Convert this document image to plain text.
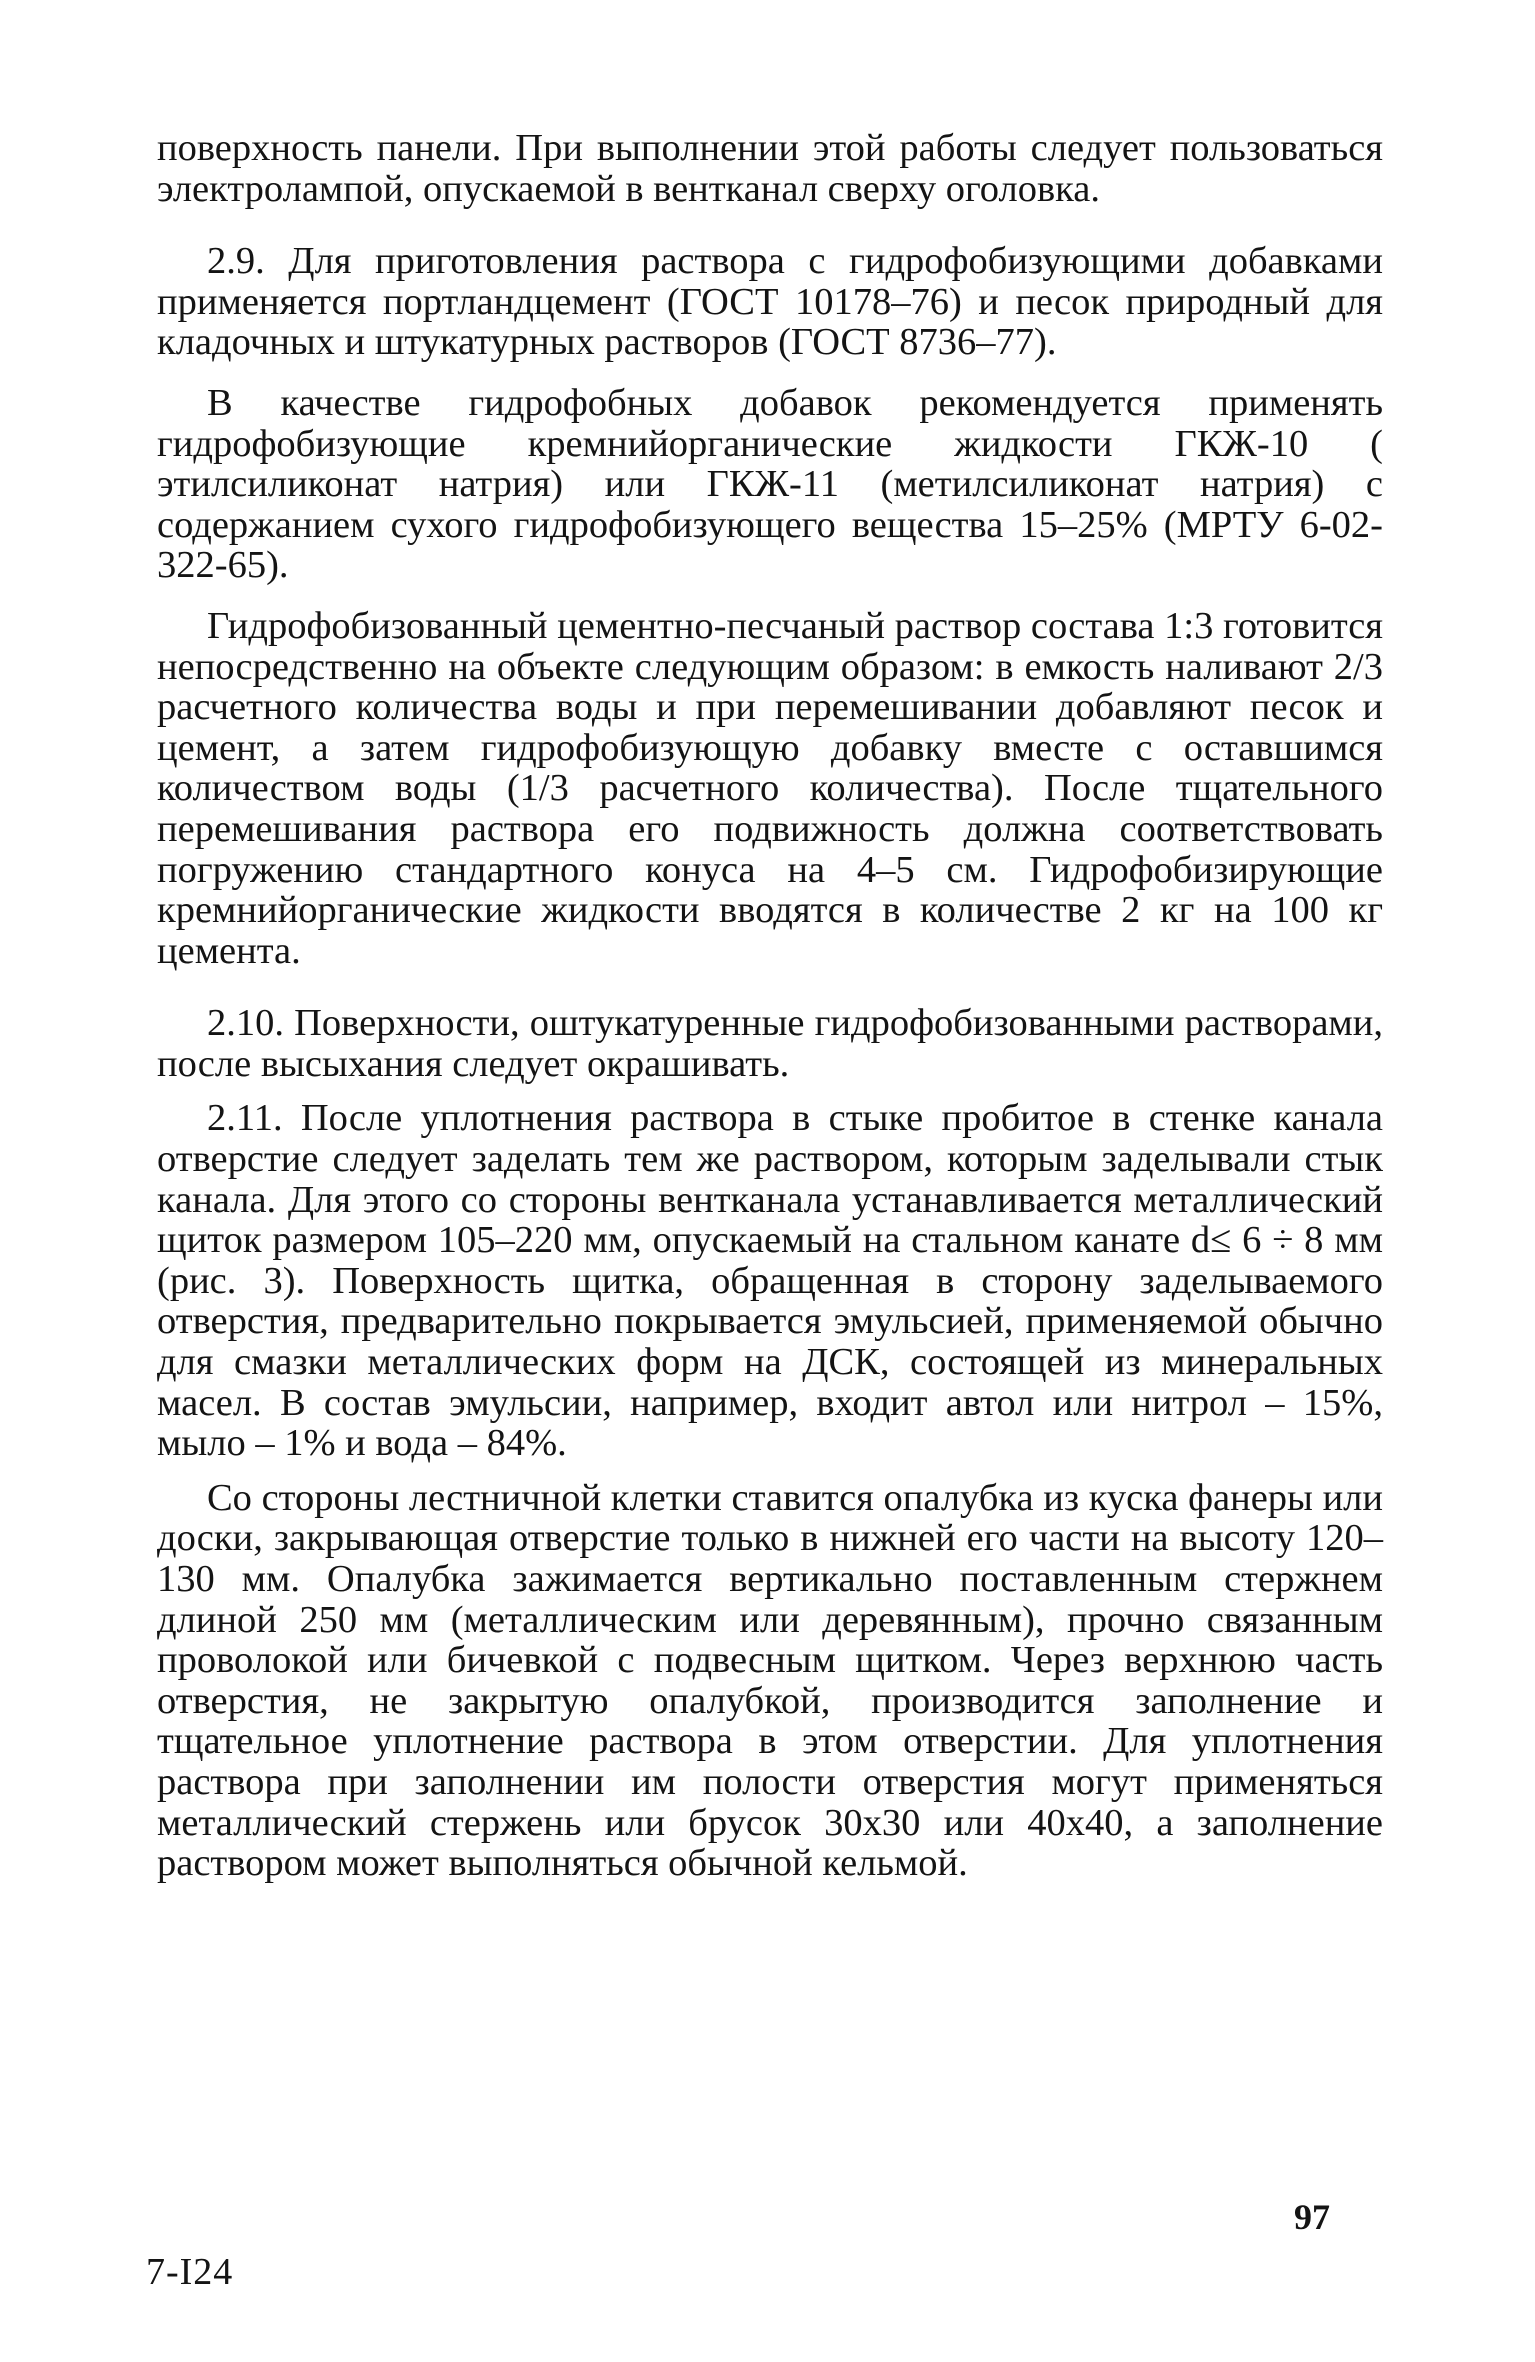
поверхность панели. При выполнении этой работы следует пользоваться электролампой, опускаемой в вентканал сверху оголовка.

2.9. Для приготовления раствора с гидрофобизующими добавками применяется портландцемент (ГОСТ 10178–76) и песок природный для кладочных и штукатурных растворов (ГОСТ 8736–77).

В качестве гидрофобных добавок рекомендуется применять гидрофобизующие кремнийорганические жидкости ГКЖ-10 ( этилсиликонат натрия) или ГКЖ-11 (метилсиликонат натрия) с содержанием сухого гидрофобизующего вещества 15–25% (МРТУ 6-02-322-65).

Гидрофобизованный цементно-песчаный раствор состава 1:3 готовится непосредственно на объекте следующим образом: в емкость наливают 2/3 расчетного количества воды и при перемешивании добавляют песок и цемент, а затем гидрофобизующую добавку вместе с оставшимся количеством воды (1/3 расчетного количества). После тщательного перемешивания раствора его подвижность должна соответствовать погружению стандартного конуса на 4–5 см. Гидрофобизирующие кремнийорганические жидкости вводятся в количестве 2 кг на 100 кг цемента.

2.10. Поверхности, оштукатуренные гидрофобизованными растворами, после высыхания следует окрашивать.

2.11. После уплотнения раствора в стыке пробитое в стенке канала отверстие следует заделать тем же раствором, которым заделывали стык канала. Для этого со стороны вентканала устанавливается металлический щиток размером 105–220 мм, опускаемый на стальном канате d≤ 6 ÷ 8 мм (рис. 3). Поверхность щитка, обращенная в сторону заделываемого отверстия, предварительно покрывается эмульсией, применяемой обычно для смазки металлических форм на ДСК, состоящей из минеральных масел. В состав эмульсии, например, входит автол или нитрол – 15%, мыло – 1% и вода – 84%.

Со стороны лестничной клетки ставится опалубка из куска фанеры или доски, закрывающая отверстие только в нижней его части на высоту 120–130 мм. Опалубка зажимается вертикально поставленным стержнем длиной 250 мм (металлическим или деревянным), прочно связанным проволокой или бичевкой с подвесным щитком. Через верхнюю часть отверстия, не закрытую опалубкой, производится заполнение и тщательное уплотнение раствора в этом отверстии. Для уплотнения раствора при заполнении им полости отверстия могут применяться металлический стержень или брусок 30х30 или 40х40, а заполнение раствором может выполняться обычной кельмой.

97
7-I24
